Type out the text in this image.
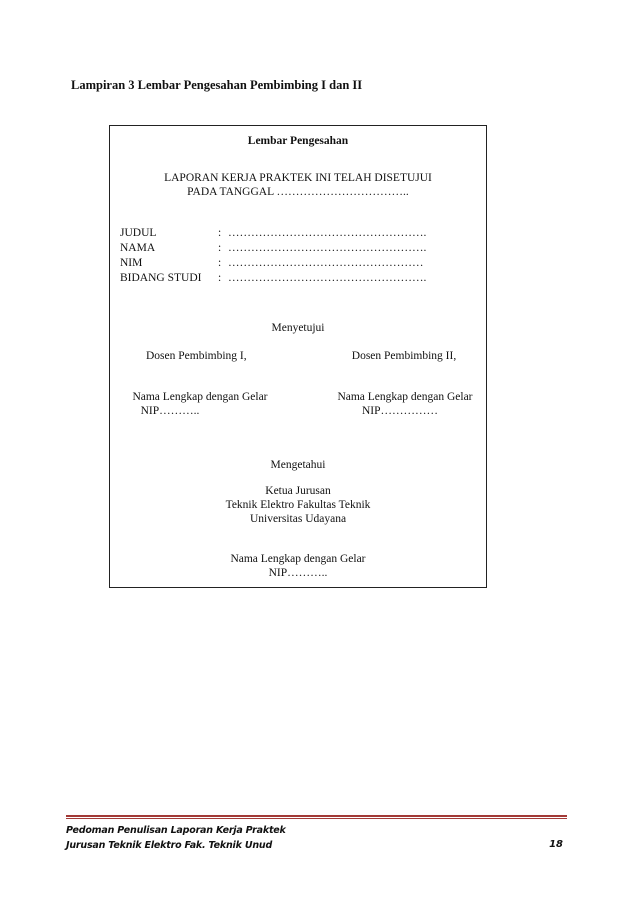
Lampiran 3 Lembar Pengesahan Pembimbing I dan II
Lembar Pengesahan
LAPORAN KERJA PRAKTEK INI TELAH DISETUJUI
PADA TANGGAL ……………………………..
JUDUL	: …………………………………………….
NAMA	: …………………………………………….
NIM	: ……………………………………………
BIDANG STUDI : …………………………………………….
Menyetujui
Dosen Pembimbing I,	Dosen Pembimbing II,
Nama Lengkap dengan Gelar
NIP………..
Nama Lengkap dengan Gelar
NIP……………
Mengetahui
Ketua Jurusan
Teknik Elektro Fakultas Teknik
Universitas Udayana
Nama Lengkap dengan Gelar
NIP………..
Pedoman Penulisan Laporan Kerja Praktek
Jurusan Teknik Elektro Fak. Teknik Unud	18
